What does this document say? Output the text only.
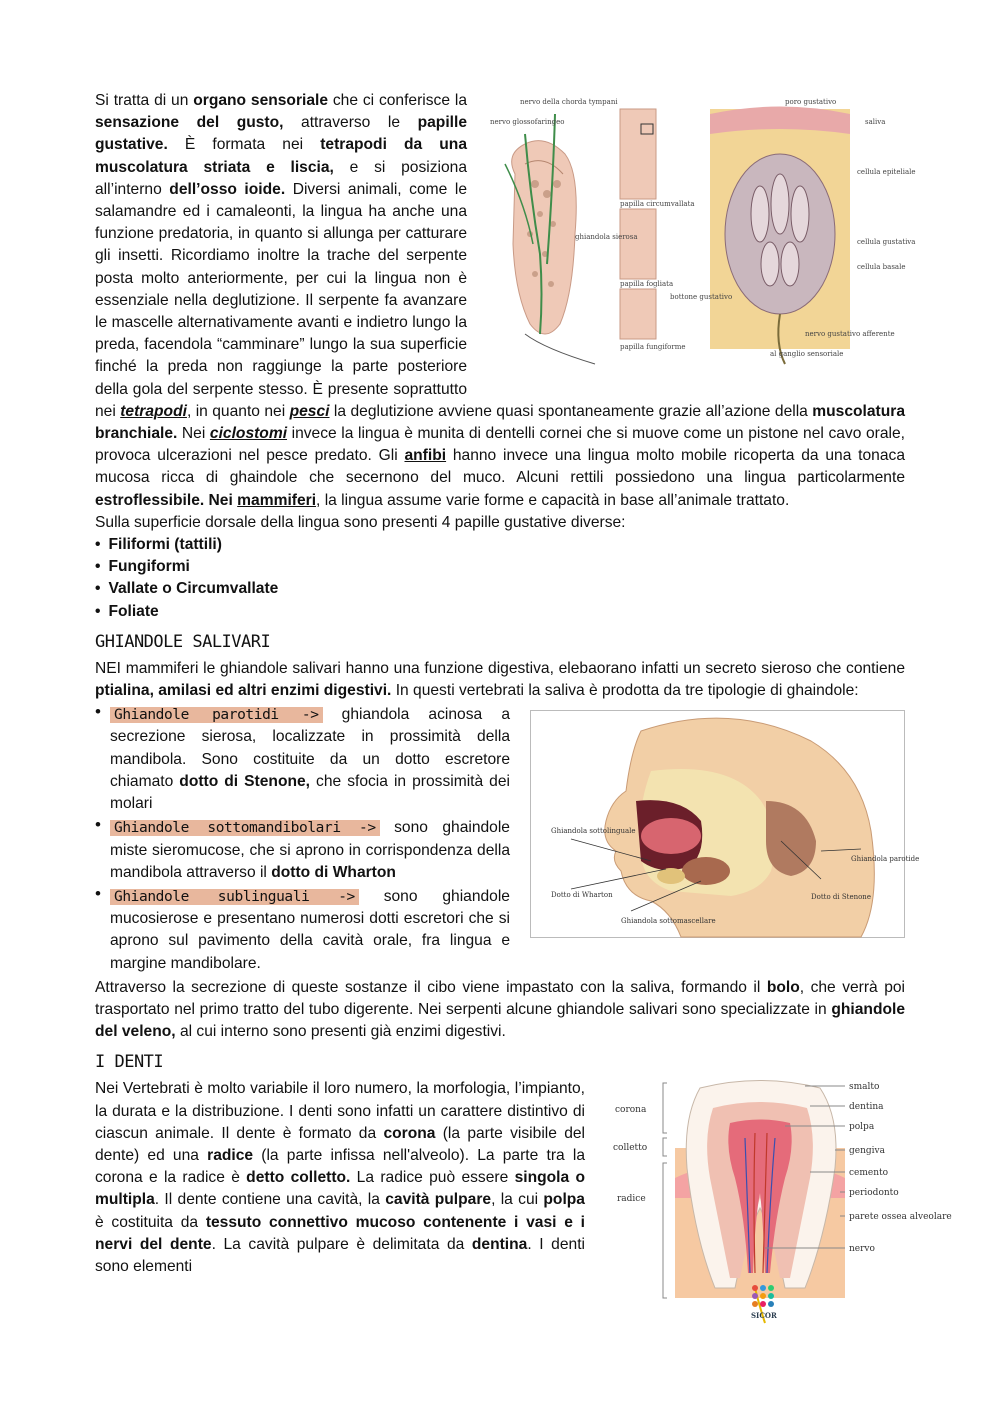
nervo della chorda tympani
nervo glossofaringeo
papilla circumvallata
ghiandola sierosa
papilla fogliata
bottone gustativo
papilla fungiforme
poro gustativo
saliva
cellula epiteliale
cellula gustativa
cellula basale
nervo gustativo afferente
al ganglio sensoriale

Si tratta di un organo sensoriale che ci conferisce la sensazione del gusto, attraverso le papille gustative. È formata nei tetrapodi da una muscolatura striata e liscia, e si posiziona all’interno dell’osso ioide. Diversi animali, come le salamandre ed i camaleonti, la lingua ha anche una funzione predatoria, in quanto si allunga per catturare gli insetti. Ricordiamo inoltre la trache del serpente posta molto anteriormente, per cui la lingua non è essenziale nella deglutizione. Il serpente fa avanzare le mascelle alternativamente avanti e indietro lungo la preda, facendola “camminare” lungo la sua superficie finché la preda non raggiunge la parte posteriore della gola del serpente stesso. È presente soprattutto nei tetrapodi, in quanto nei pesci la deglutizione avviene quasi spontaneamente grazie all’azione della muscolatura branchiale. Nei ciclostomi invece la lingua è munita di dentelli cornei che si muove come un pistone nel cavo orale, provoca ulcerazioni nel pesce predato. Gli anfibi hanno invece una lingua molto mobile ricoperta da una tonaca mucosa ricca di ghaindole che secernono del muco. Alcuni rettili possiedono una lingua particolarmente estroflessibile. Nei mammiferi, la lingua assume varie forme e capacità in base all’animale trattato.

Sulla superficie dorsale della lingua sono presenti 4 papille gustative diverse:

• Filiformi (tattili)
• Fungiformi
• Vallate o Circumvallate
• Foliate
GHIANDOLE SALIVARI

NEI mammiferi le ghiandole salivari hanno una funzione digestiva, elebaorano infatti un secreto sieroso che contiene ptialina, amilasi ed altri enzimi digestivi. In questi vertebrati la saliva è prodotta da tre tipologie di ghaindole:

Ghiandola sottolinguale
Dotto di Wharton
Ghiandola sottomascellare
Dotto di Stenone
Ghiandola parotide

• Ghiandole parotidi -> ghiandola acinosa a secrezione sierosa, localizzate in prossimità della mandibola. Sono costituite da un dotto escretore chiamato dotto di Stenone, che sfocia in prossimità dei molari

• Ghiandole sottomandibolari -> sono ghaindole miste sieromucose, che si aprono in corrispondenza della mandibola attraverso il dotto di Wharton

• Ghiandole sublinguali -> sono ghiandole mucosierose e presentano numerosi dotti escretori che si aprono sul pavimento della cavità orale, fra lingua e margine mandibolare.

Attraverso la secrezione di queste sostanze il cibo viene impastato con la saliva, formando il bolo, che verrà poi trasportato nel primo tratto del tubo digerente. Nei serpenti alcune ghiandole salivari sono specializzate in ghiandole del veleno, al cui interno sono presenti già enzimi digestivi.

I DENTI
corona
colletto
radice
smalto
dentina
polpa
gengiva
cemento
periodonto
parete ossea alveolare
nervo
SICOR

Nei Vertebrati è molto variabile il loro numero, la morfologia, l’impianto, la durata e la distribuzione. I denti sono infatti un carattere distintivo di ciascun animale. Il dente è formato da corona (la parte visibile del dente) ed una radice (la parte infissa nell'alveolo). La parte tra la corona e la radice è detto colletto. La radice può essere singola o multipla. Il dente contiene una cavità, la cavità pulpare, la cui polpa è costituita da tessuto connettivo mucoso contenente i vasi e i nervi del dente. La cavità pulpare è delimitata da dentina. I denti sono elementi
